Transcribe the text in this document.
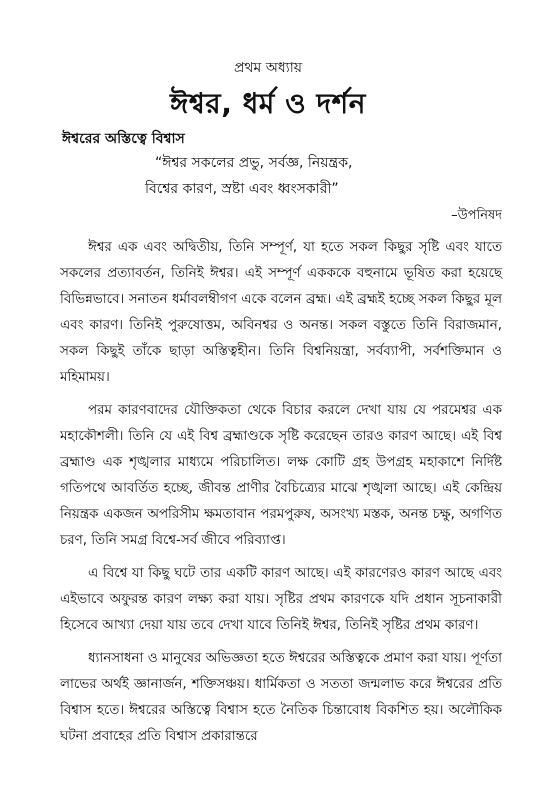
প্রথম অধ্যায়
ঈশ্বর, ধর্ম ও দর্শন
ঈশ্বরের অস্তিত্বে বিশ্বাস
“ঈশ্বর সকলের প্রভু, সর্বজ্ঞ, নিয়ন্ত্রক,
বিশ্বের কারণ, স্রষ্টা এবং ধ্বংসকারী”
–উপনিষদ

ঈশ্বর এক এবং অদ্বিতীয়, তিনি সম্পূর্ণ, যা হতে সকল কিছুর সৃষ্টি এবং যাতে সকলের প্রত্যাবর্তন, তিনিই ঈশ্বর। এই সম্পূর্ণ একককে বহুনামে ভূষিত করা হয়েছে বিভিন্নভাবে। সনাতন ধর্মাবলম্বীগণ একে বলেন ব্রহ্ম। এই ব্রহ্মই হচ্ছে সকল কিছুর মূল এবং কারণ। তিনিই পুরুষোত্তম, অবিনশ্বর ও অনন্ত। সকল বস্তুতে তিনি বিরাজমান, সকল কিছুই তাঁকে ছাড়া অস্তিত্বহীন। তিনি বিশ্বনিয়ন্ত্রা, সর্বব্যাপী, সর্বশক্তিমান ও মহিমাময়।

পরম কারণবাদের যৌক্তিকতা থেকে বিচার করলে দেখা যায় যে পরমেশ্বর এক মহাকৌশলী। তিনি যে এই বিশ্ব ব্রহ্মাণ্ডকে সৃষ্টি করেছেন তারও কারণ আছে। এই বিশ্ব ব্রহ্মাণ্ড এক শৃঙ্খলার মাধ্যমে পরিচালিত। লক্ষ কোটি গ্রহ উপগ্রহ মহাকাশে নির্দিষ্ট গতিপথে আবর্তিত হচ্ছে, জীবন্ত প্রাণীর বৈচিত্র্যের মাঝে শৃঙ্খলা আছে। এই কেন্দ্রিয় নিয়ন্ত্রক একজন অপরিসীম ক্ষমতাবান পরমপুরুষ, অসংখ্য মস্তক, অনন্ত চক্ষু, অগণিত চরণ, তিনি সমগ্র বিশ্বে-সর্ব জীবে পরিব্যাপ্ত।

এ বিশ্বে যা কিছু ঘটে তার একটি কারণ আছে। এই কারণেরও কারণ আছে এবং এইভাবে অফুরন্ত কারণ লক্ষ্য করা যায়। সৃষ্টির প্রথম কারণকে যদি প্রধান সূচনাকারী হিসেবে আখ্যা দেয়া যায় তবে দেখা যাবে তিনিই ঈশ্বর, তিনিই সৃষ্টির প্রথম কারণ।

ধ্যানসাধনা ও মানুষের অভিজ্ঞতা হতে ঈশ্বরের অস্তিত্বকে প্রমাণ করা যায়। পূর্ণতা লাভের অর্থই জ্ঞানার্জন, শক্তিসঞ্চয়। ধার্মিকতা ও সততা জন্মলাভ করে ঈশ্বরের প্রতি বিশ্বাস হতে। ঈশ্বরের অস্তিত্বে বিশ্বাস হতে নৈতিক চিন্তাবোধ বিকশিত হয়। অলৌকিক ঘটনা প্রবাহের প্রতি বিশ্বাস প্রকারান্তরে
